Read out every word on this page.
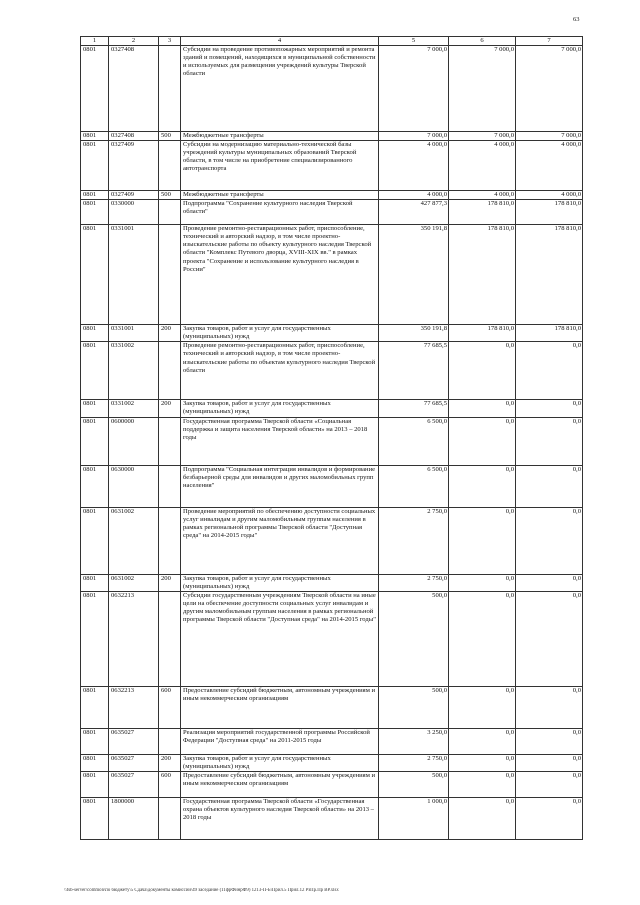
63
1	2	3	4	5	6	7
0801	0327408		Субсидии на проведение противопожарных мероприятий и ремонта зданий и помещений, находящихся в муниципальной собственности и используемых для размещения учреждений культуры Тверской области	7 000,0	7 000,0	7 000,0
0801	0327408	500	Межбюджетные трансферты	7 000,0	7 000,0	7 000,0
0801	0327409		Субсидии на модернизацию материально-технической базы учреждений культуры муниципальных образований Тверской области, в том числе на приобретение специализированного автотранспорта	4 000,0	4 000,0	4 000,0
0801	0327409	500	Межбюджетные трансферты	4 000,0	4 000,0	4 000,0
0801	0330000		Подпрограмма "Сохранение культурного наследия Тверской области"	427 877,3	178 810,0	178 810,0
0801	0331001		Проведение ремонтно-реставрационных работ, приспособление, технический и авторский надзор, в том числе проектно-изыскательские работы по объекту культурного наследия Тверской области "Комплекс Путевого дворца, XVIII-XIX вв." в рамках проекта "Сохранение и использование культурного наследия в России"	350 191,8	178 810,0	178 810,0
0801	0331001	200	Закупка товаров, работ и услуг для государственных (муниципальных) нужд	350 191,8	178 810,0	178 810,0
0801	0331002		Проведение ремонтно-реставрационных работ, приспособление, технический и авторский надзор, в том числе проектно-изыскательские работы по объектам культурного наследия Тверской области	77 685,5	0,0	0,0
0801	0331002	200	Закупка товаров, работ и услуг для государственных (муниципальных) нужд	77 685,5	0,0	0,0
0801	0600000		Государственная программа Тверской области «Социальная поддержка и защита населения Тверской области» на 2013 – 2018 годы	6 500,0	0,0	0,0
0801	0630000		Подпрограмма "Социальная интеграция инвалидов и формирование безбарьерной среды для инвалидов и других маломобильных групп населения"	6 500,0	0,0	0,0
0801	0631002		Проведение мероприятий по обеспечению доступности социальных услуг инвалидам и другим маломобильным группам населения в рамках региональной программы Тверской области "Доступная среда" на 2014-2015 годы"	2 750,0	0,0	0,0
0801	0631002	200	Закупка товаров, работ и услуг для государственных (муниципальных) нужд	2 750,0	0,0	0,0
0801	0632213		Субсидии государственным учреждениям Тверской области на иные цели на обеспечение доступности социальных услуг инвалидам и другим маломобильным группам населения в рамках региональной программы Тверской области "Доступная среда" на 2014-2015 годы"	500,0	0,0	0,0
0801	0632213	600	Предоставление субсидий бюджетным, автономным учреждениям и иным некоммерческим организациям	500,0	0,0	0,0
0801	0635027		Реализация мероприятий государственной программы Российской Федерации "Доступная среда" на 2011-2015 годы	3 250,0	0,0	0,0
0801	0635027	200	Закупка товаров, работ и услуг для государственных (муниципальных) нужд	2 750,0	0,0	0,0
0801	0635027	600	Предоставление субсидий бюджетным, автономным учреждениям и иным некоммерческим организациям	500,0	0,0	0,0
0801	1800000		Государственная программа Тверской области «Государственная охрана объектов культурного наследия Тверской области» на 2013 – 2018 годы	1 000,0	0,0	0,0
\\fsb-server\common\по бюджету\5 Сдача\документы комиссии\49 заседание (11фрФинрФ9) 1213-П-Б\Прил.5 Прил.12 РзПр.Пр ВР.xlsx
